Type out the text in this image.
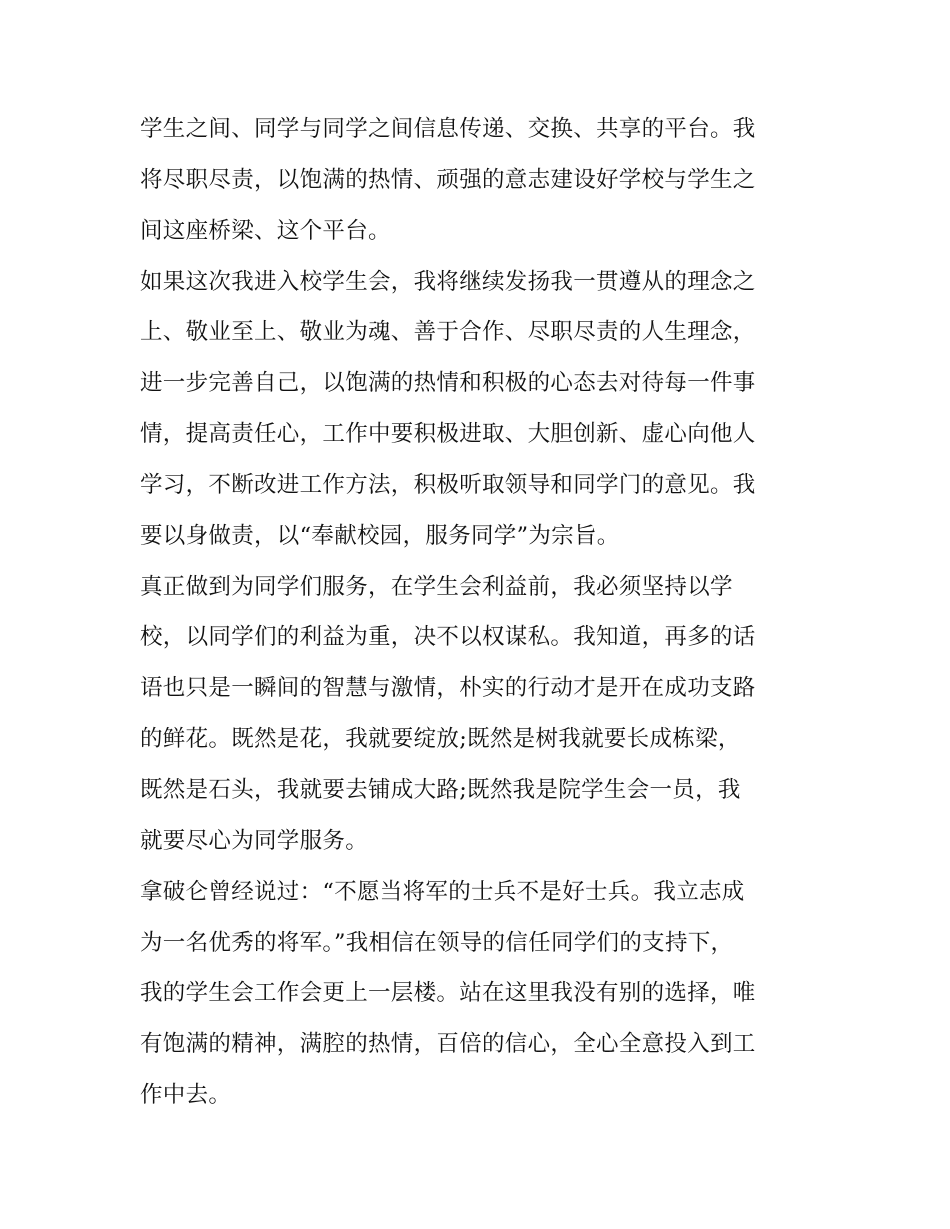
学生之间、同学与同学之间信息传递、交换、共享的平台。我
将尽职尽责，以饱满的热情、顽强的意志建设好学校与学生之
间这座桥梁、这个平台。
如果这次我进入校学生会，我将继续发扬我一贯遵从的理念之
上、敬业至上、敬业为魂、善于合作、尽职尽责的人生理念，
进一步完善自己，以饱满的热情和积极的心态去对待每一件事
情，提高责任心，工作中要积极进取、大胆创新、虚心向他人
学习，不断改进工作方法，积极听取领导和同学门的意见。我
要以身做责，以“奉献校园，服务同学”为宗旨。
真正做到为同学们服务，在学生会利益前，我必须坚持以学
校，以同学们的利益为重，决不以权谋私。我知道，再多的话
语也只是一瞬间的智慧与激情，朴实的行动才是开在成功支路
的鲜花。既然是花，我就要绽放;既然是树我就要长成栋梁，
既然是石头，我就要去铺成大路;既然我是院学生会一员，我
就要尽心为同学服务。
拿破仑曾经说过：“不愿当将军的士兵不是好士兵。我立志成
为一名优秀的将军。”我相信在领导的信任同学们的支持下，
我的学生会工作会更上一层楼。站在这里我没有别的选择，唯
有饱满的精神，满腔的热情，百倍的信心，全心全意投入到工
作中去。
